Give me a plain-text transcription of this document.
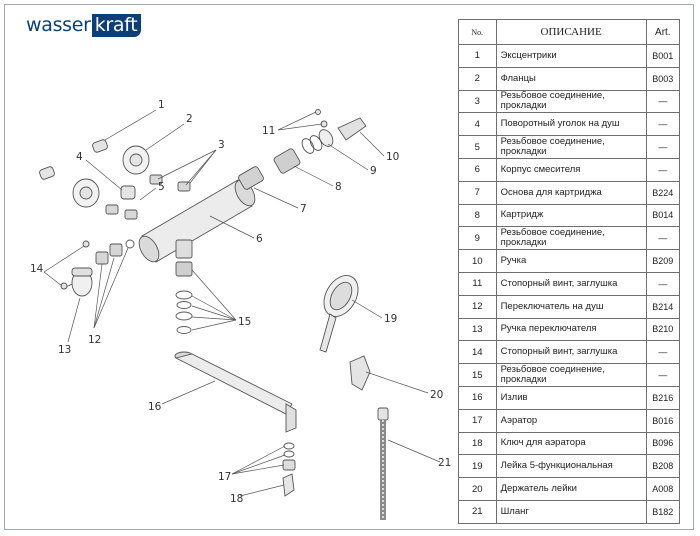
wasser kraft
1
2
3
4
5
6
7
8
9
10
11
12
13
14
15
16
17
18
19
20
21
No.	ОПИСАНИЕ	Art.
1	Эксцентрики	B001
2	Фланцы	B003
3	Резьбовое соединение, прокладки	—
4	Поворотный уголок на душ	—
5	Резьбовое соединение, прокладки	—
6	Корпус смесителя	—
7	Основа для картриджа	B224
8	Картридж	B014
9	Резьбовое соединение, прокладки	—
10	Ручка	B209
11	Стопорный винт, заглушка	—
12	Переключатель на душ	B214
13	Ручка переключателя	B210
14	Стопорный винт, заглушка	—
15	Резьбовое соединение, прокладки	—
16	Излив	B216
17	Аэратор	B016
18	Ключ для аэратора	B096
19	Лейка 5-функциональная	B208
20	Держатель лейки	A008
21	Шланг	B182
